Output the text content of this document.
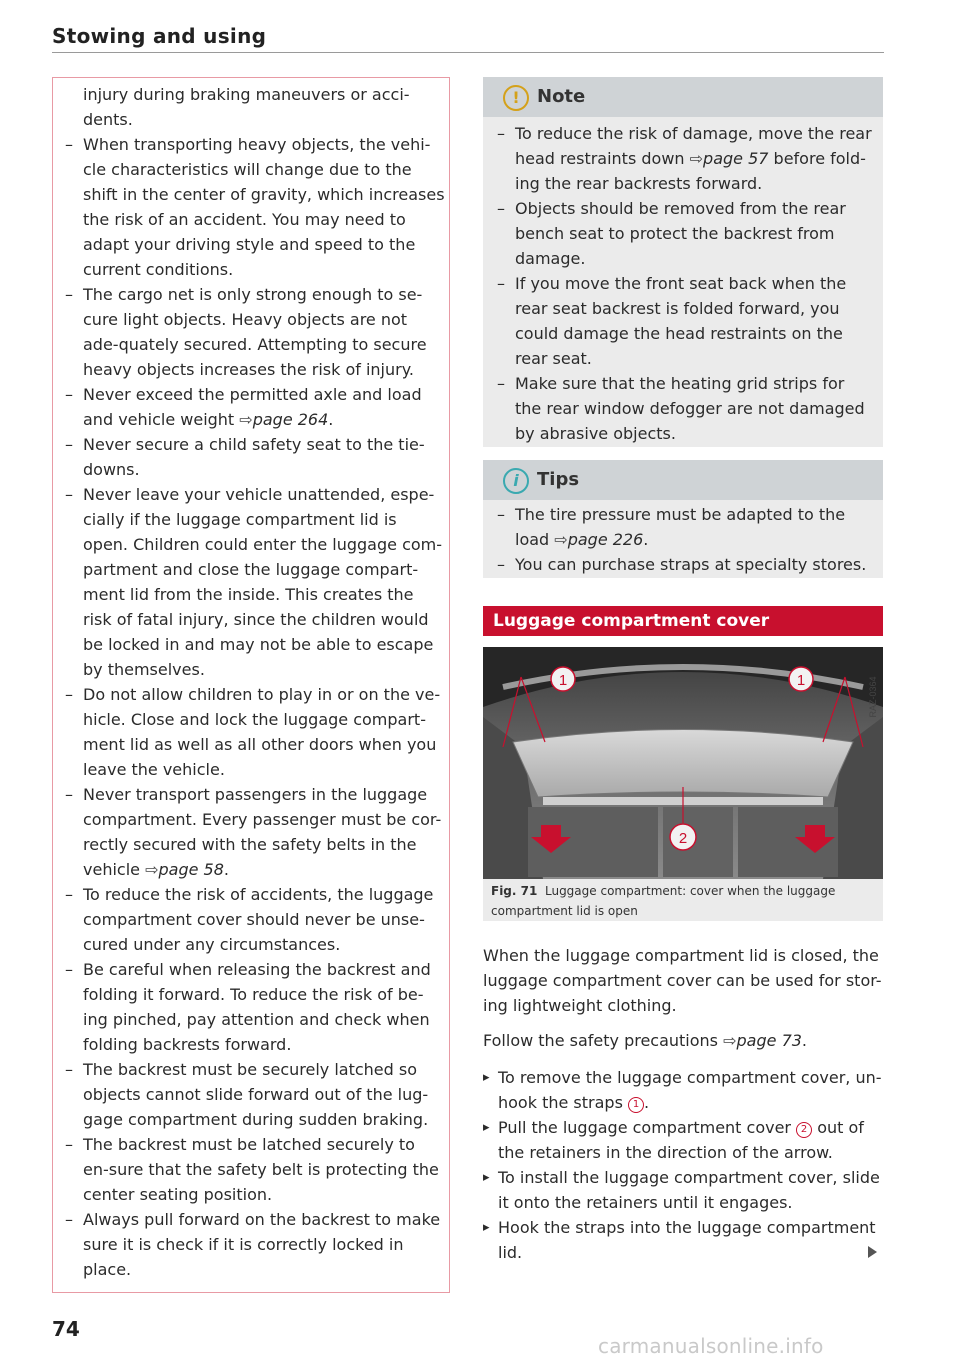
Stowing and using
injury during braking maneuvers or acci-dents.
– When transporting heavy objects, the vehi-cle characteristics will change due to the shift in the center of gravity, which increases the risk of an accident. You may need to adapt your driving style and speed to the current conditions.
– The cargo net is only strong enough to se-cure light objects. Heavy objects are not ade-quately secured. Attempting to secure heavy objects increases the risk of injury.
– Never exceed the permitted axle and load and vehicle weight ⇨page 264.
– Never secure a child safety seat to the tie-downs.
– Never leave your vehicle unattended, espe-cially if the luggage compartment lid is open. Children could enter the luggage com-partment and close the luggage compart-ment lid from the inside. This creates the risk of fatal injury, since the children would be locked in and may not be able to escape by themselves.
– Do not allow children to play in or on the ve-hicle. Close and lock the luggage compart-ment lid as well as all other doors when you leave the vehicle.
– Never transport passengers in the luggage compartment. Every passenger must be cor-rectly secured with the safety belts in the vehicle ⇨page 58.
– To reduce the risk of accidents, the luggage compartment cover should never be unse-cured under any circumstances.
– Be careful when releasing the backrest and folding it forward. To reduce the risk of be-ing pinched, pay attention and check when folding backrests forward.
– The backrest must be securely latched so objects cannot slide forward out of the lug-gage compartment during sudden braking.
– The backrest must be latched securely to en-sure that the safety belt is protecting the center seating position.
– Always pull forward on the backrest to make sure it is check if it is correctly locked in place.
! Note
– To reduce the risk of damage, move the rear head restraints down ⇨page 57 before fold-ing the rear backrests forward.
– Objects should be removed from the rear bench seat to protect the backrest from damage.
– If you move the front seat back when the rear seat backrest is folded forward, you could damage the head restraints on the rear seat.
– Make sure that the heating grid strips for the rear window defogger are not damaged by abrasive objects.
i	Tips
– The tire pressure must be adapted to the load ⇨page 226.
– You can purchase straps at specialty stores.
Luggage compartment cover
1	1
2
RAZ-0364
Fig. 71 Luggage compartment: cover when the luggage compartment lid is open
When the luggage compartment lid is closed, the luggage compartment cover can be used for stor-ing lightweight clothing.
Follow the safety precautions ⇨page 73.
▸ To remove the luggage compartment cover, un-hook the straps 1 .
▸ Pull the luggage compartment cover 2 out of the retainers in the direction of the arrow.
▸ To install the luggage compartment cover, slide it onto the retainers until it engages.
▸ Hook the straps into the luggage compartment lid.
74
carmanualsonline.info
